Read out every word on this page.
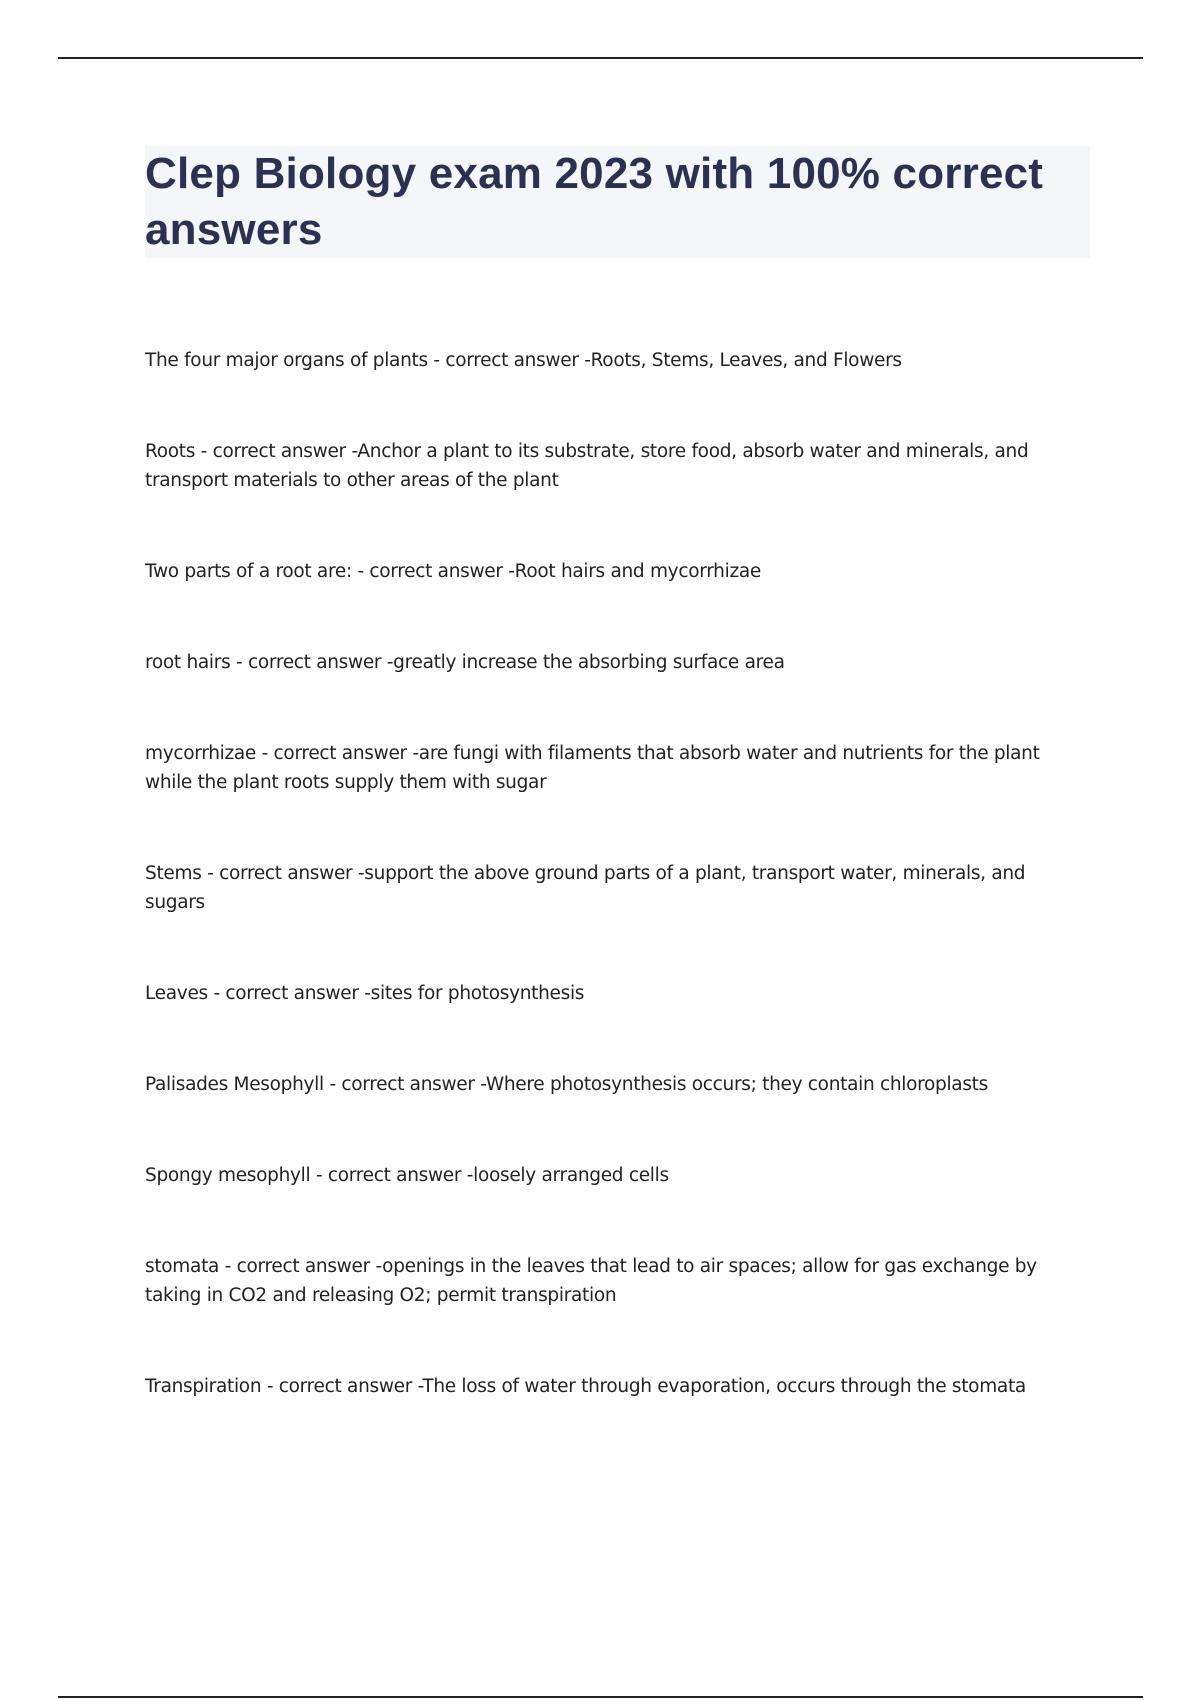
Clep Biology exam 2023 with 100% correct answers
The four major organs of plants - correct answer -Roots, Stems, Leaves, and Flowers
Roots - correct answer -Anchor a plant to its substrate, store food, absorb water and minerals, and transport materials to other areas of the plant
Two parts of a root are: - correct answer -Root hairs and mycorrhizae
root hairs - correct answer -greatly increase the absorbing surface area
mycorrhizae - correct answer -are fungi with filaments that absorb water and nutrients for the plant while the plant roots supply them with sugar
Stems - correct answer -support the above ground parts of a plant, transport water, minerals, and sugars
Leaves - correct answer -sites for photosynthesis
Palisades Mesophyll - correct answer -Where photosynthesis occurs; they contain chloroplasts
Spongy mesophyll - correct answer -loosely arranged cells
stomata - correct answer -openings in the leaves that lead to air spaces; allow for gas exchange by taking in CO2 and releasing O2; permit transpiration
Transpiration - correct answer -The loss of water through evaporation, occurs through the stomata
